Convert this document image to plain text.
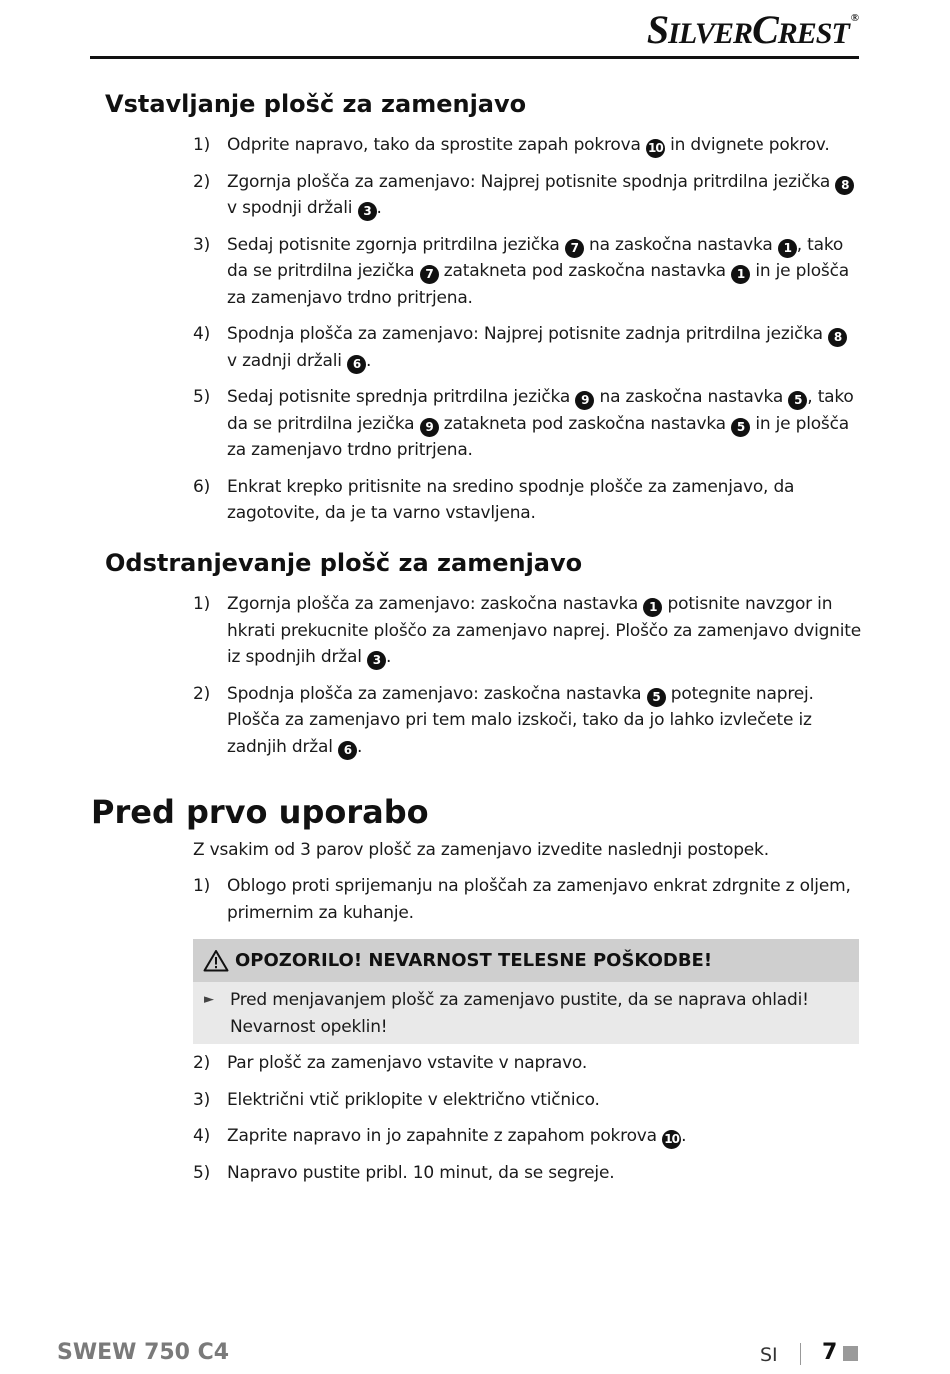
SILVERCREST ®
Vstavljanje plošč za zamenjavo
1) Odprite napravo, tako da sprostite zapah pokrova 10 in dvignete pokrov.
2) Zgornja plošča za zamenjavo: Najprej potisnite spodnja pritrdilna jezička 8 v spodnji držali 3 .
3) Sedaj potisnite zgornja pritrdilna jezička 7 na zaskočna nastavka 1 , tako da se pritrdilna jezička 7 zatakneta pod zaskočna nastavka 1 in je plošča za zamenjavo trdno pritrjena.
4) Spodnja plošča za zamenjavo: Najprej potisnite zadnja pritrdilna jezička 8 v zadnji držali 6 .
5) Sedaj potisnite sprednja pritrdilna jezička 9 na zaskočna nastavka 5 , tako da se pritrdilna jezička 9 zatakneta pod zaskočna nastavka 5 in je plošča za zamenjavo trdno pritrjena.
6) Enkrat krepko pritisnite na sredino spodnje plošče za zamenjavo, da zagotovite, da je ta varno vstavljena.
Odstranjevanje plošč za zamenjavo
1) Zgornja plošča za zamenjavo: zaskočna nastavka 1 potisnite navzgor in hkrati prekucnite ploščo za zamenjavo naprej. Ploščo za zamenjavo dvignite iz spodnjih držal 3 .
2) Spodnja plošča za zamenjavo: zaskočna nastavka 5 potegnite naprej. Plošča za zamenjavo pri tem malo izskoči, tako da jo lahko izvlečete iz zadnjih držal 6 .
Pred prvo uporabo

Z vsakim od 3 parov plošč za zamenjavo izvedite naslednji postopek.

1) Oblogo proti sprijemanju na ploščah za zamenjavo enkrat zdrgnite z oljem, primernim za kuhanje.
OPOZORILO! NEVARNOST TELESNE POŠKODBE!
► Pred menjavanjem plošč za zamenjavo pustite, da se naprava ohladi! Nevarnost opeklin!
2) Par plošč za zamenjavo vstavite v napravo.
3) Električni vtič priklopite v električno vtičnico.
4) Zaprite napravo in jo zapahnite z zapahom pokrova 10 .
5) Napravo pustite pribl. 10 minut, da se segreje.
SWEW 750 C4	SI 7
